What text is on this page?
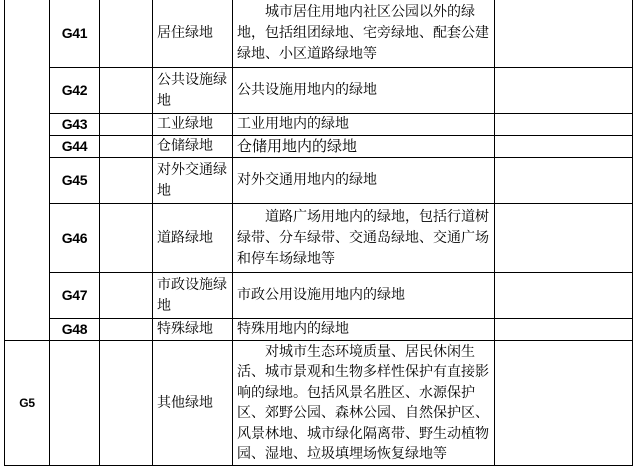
	G41		居住绿地	城市居住用地内社区公园以外的绿地，包括组团绿地、宅旁绿地、配套公建绿地、小区道路绿地等	
	G42		公共设施绿地	公共设施用地内的绿地	
	G43		工业绿地	工业用地内的绿地	
	G44		仓储绿地	仓储用地内的绿地	
	G45		对外交通绿地	对外交通用地内的绿地	
	G46		道路绿地	道路广场用地内的绿地，包括行道树绿带、分车绿带、交通岛绿地、交通广场和停车场绿地等	
	G47		市政设施绿地	市政公用设施用地内的绿地	
	G48		特殊绿地	特殊用地内的绿地	
G5			其他绿地	对城市生态环境质量、居民休闲生活、城市景观和生物多样性保护有直接影响的绿地。包括风景名胜区、水源保护区、郊野公园、森林公园、自然保护区、风景林地、城市绿化隔离带、野生动植物园、湿地、垃圾填埋场恢复绿地等	
